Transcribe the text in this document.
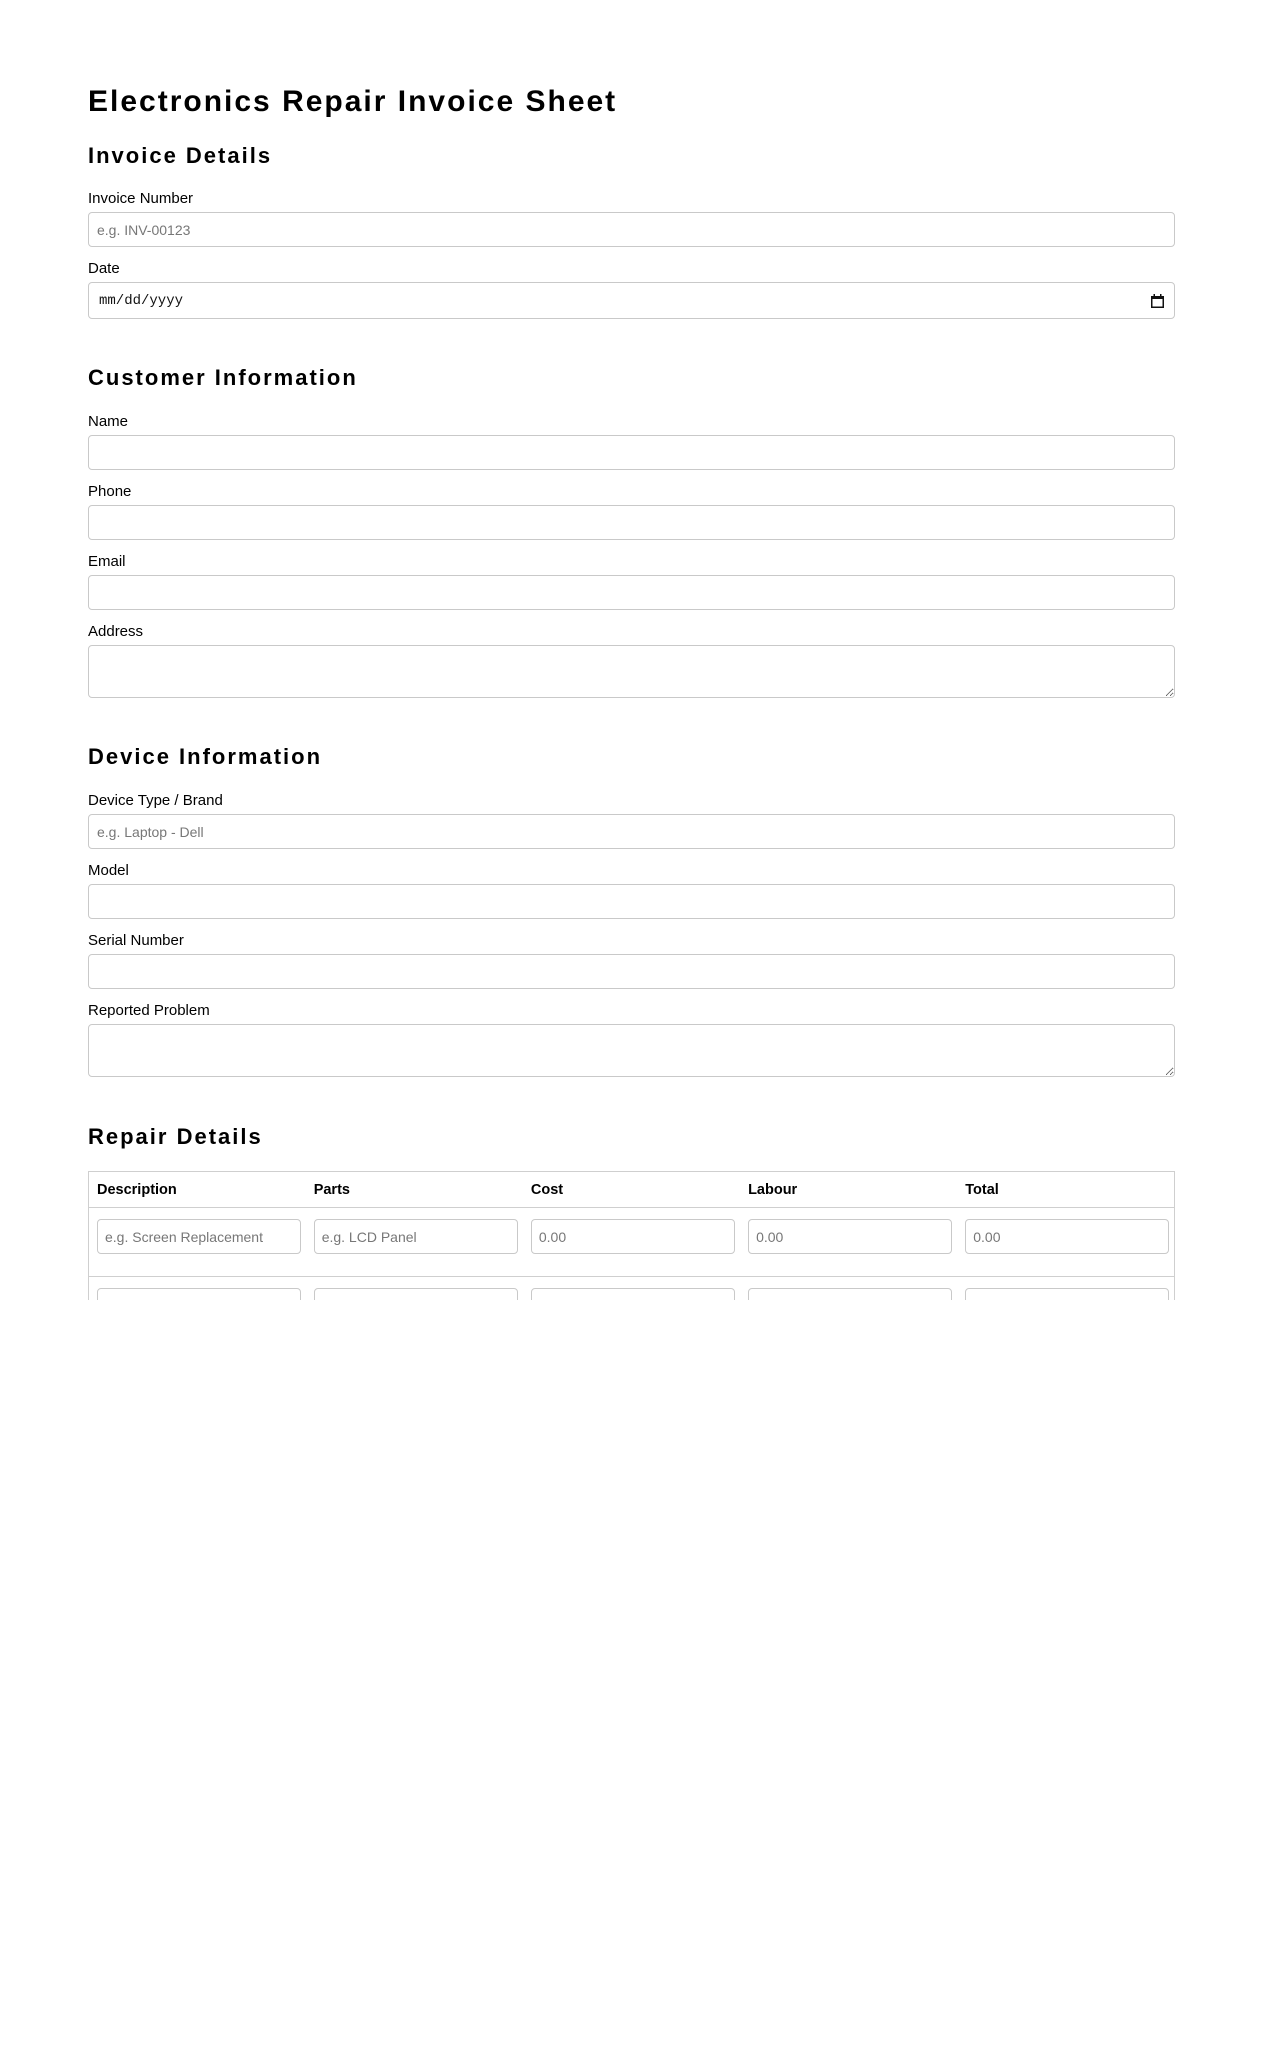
Electronics Repair Invoice Sheet
Invoice Details
Invoice Number
e.g. INV-00123
Date
mm/dd/yyyy
Customer Information
Name
Phone
Email
Address
Device Information
Device Type / Brand
e.g. Laptop - Dell
Model
Serial Number
Reported Problem
Repair Details
Description	Parts	Cost	Labour	Total
e.g. Screen Replacement	e.g. LCD Panel	0.00	0.00	0.00
